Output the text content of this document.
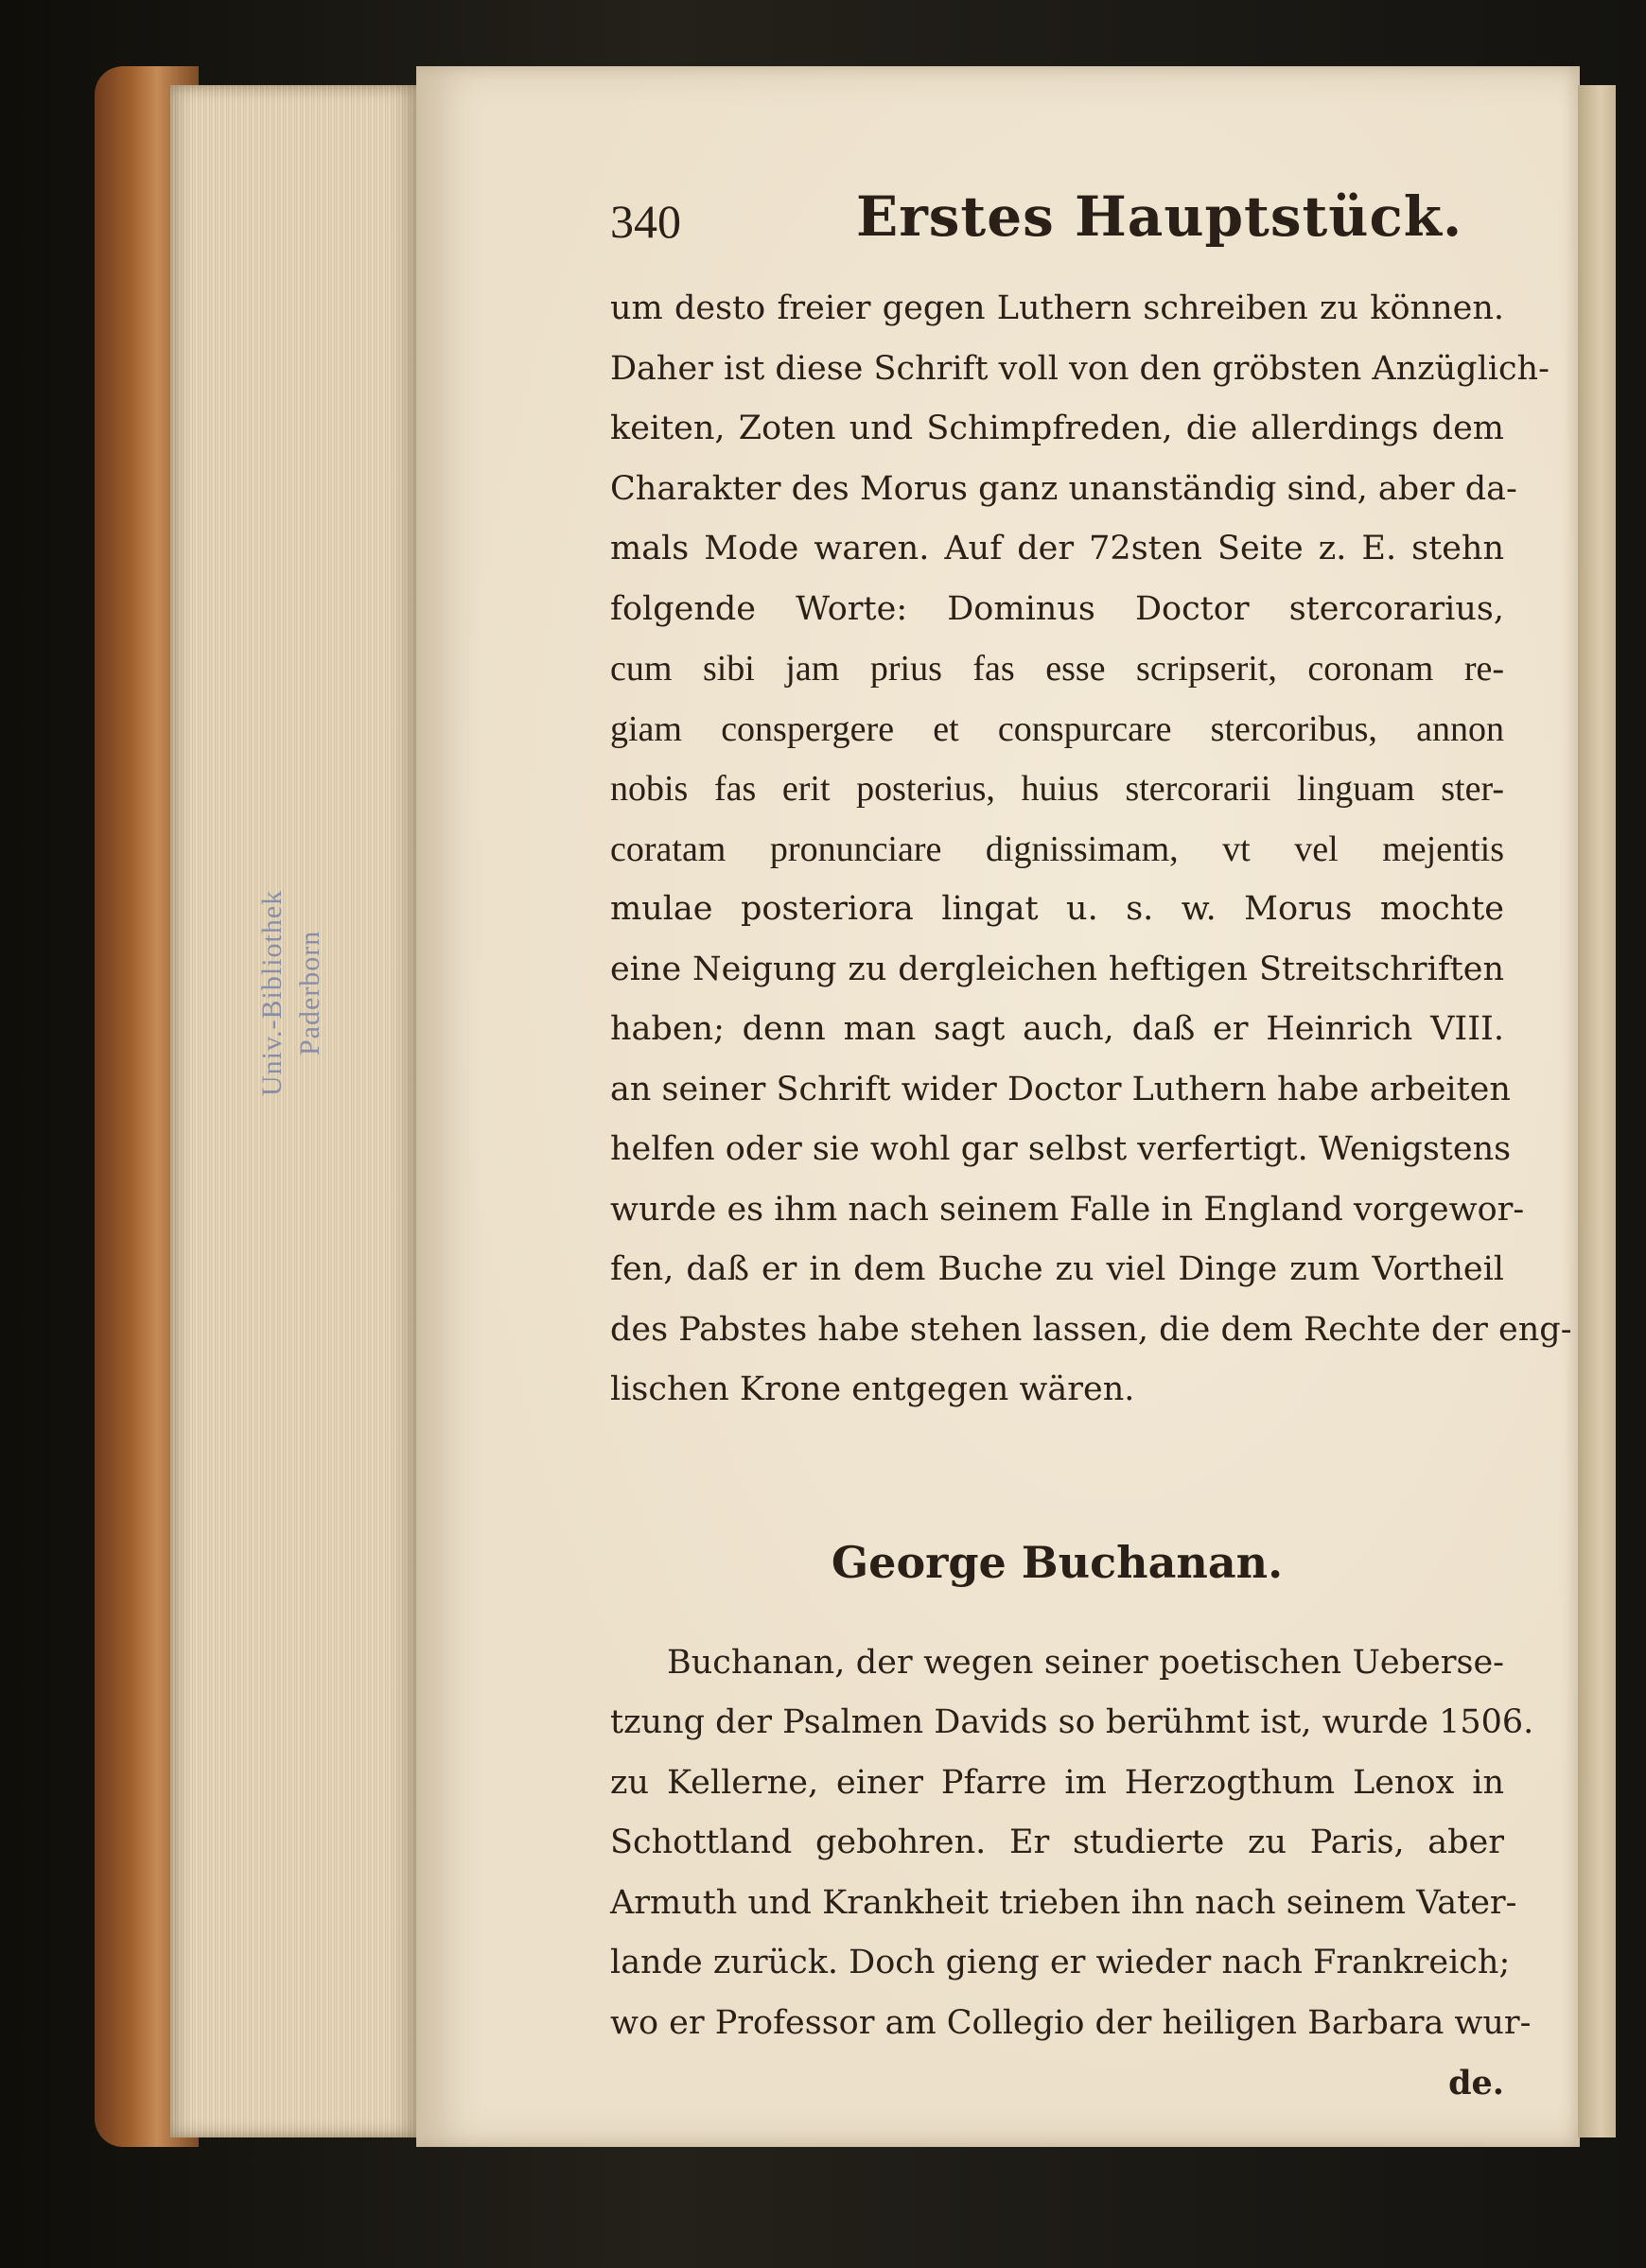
Univ.-Bibliothek Paderborn
340	Erstes Hauptstück.
um desto freier gegen Luthern schreiben zu können.
Daher ist diese Schrift voll von den gröbsten Anzüglich-
keiten, Zoten und Schimpfreden, die allerdings dem
Charakter des Morus ganz unanständig sind, aber da-
mals Mode waren. Auf der 72sten Seite z. E. stehn
folgende Worte: Dominus Doctor stercorarius,
cum sibi jam prius fas esse scripserit, coronam re-
giam conspergere et conspurcare stercoribus, annon
nobis fas erit posterius, huius stercorarii linguam ster-
coratam pronunciare dignissimam, vt vel mejentis
mulae posteriora lingat u. s. w. Morus mochte
eine Neigung zu dergleichen heftigen Streitschriften
haben; denn man sagt auch, daß er Heinrich VIII.
an seiner Schrift wider Doctor Luthern habe arbeiten
helfen oder sie wohl gar selbst verfertigt. Wenigstens
wurde es ihm nach seinem Falle in England vorgewor-
fen, daß er in dem Buche zu viel Dinge zum Vortheil
des Pabstes habe stehen lassen, die dem Rechte der eng-
lischen Krone entgegen wären.
George Buchanan.
Buchanan, der wegen seiner poetischen Ueberse-
tzung der Psalmen Davids so berühmt ist, wurde 1506.
zu Kellerne, einer Pfarre im Herzogthum Lenox in
Schottland gebohren. Er studierte zu Paris, aber
Armuth und Krankheit trieben ihn nach seinem Vater-
lande zurück. Doch gieng er wieder nach Frankreich;
wo er Professor am Collegio der heiligen Barbara wur-
de.
